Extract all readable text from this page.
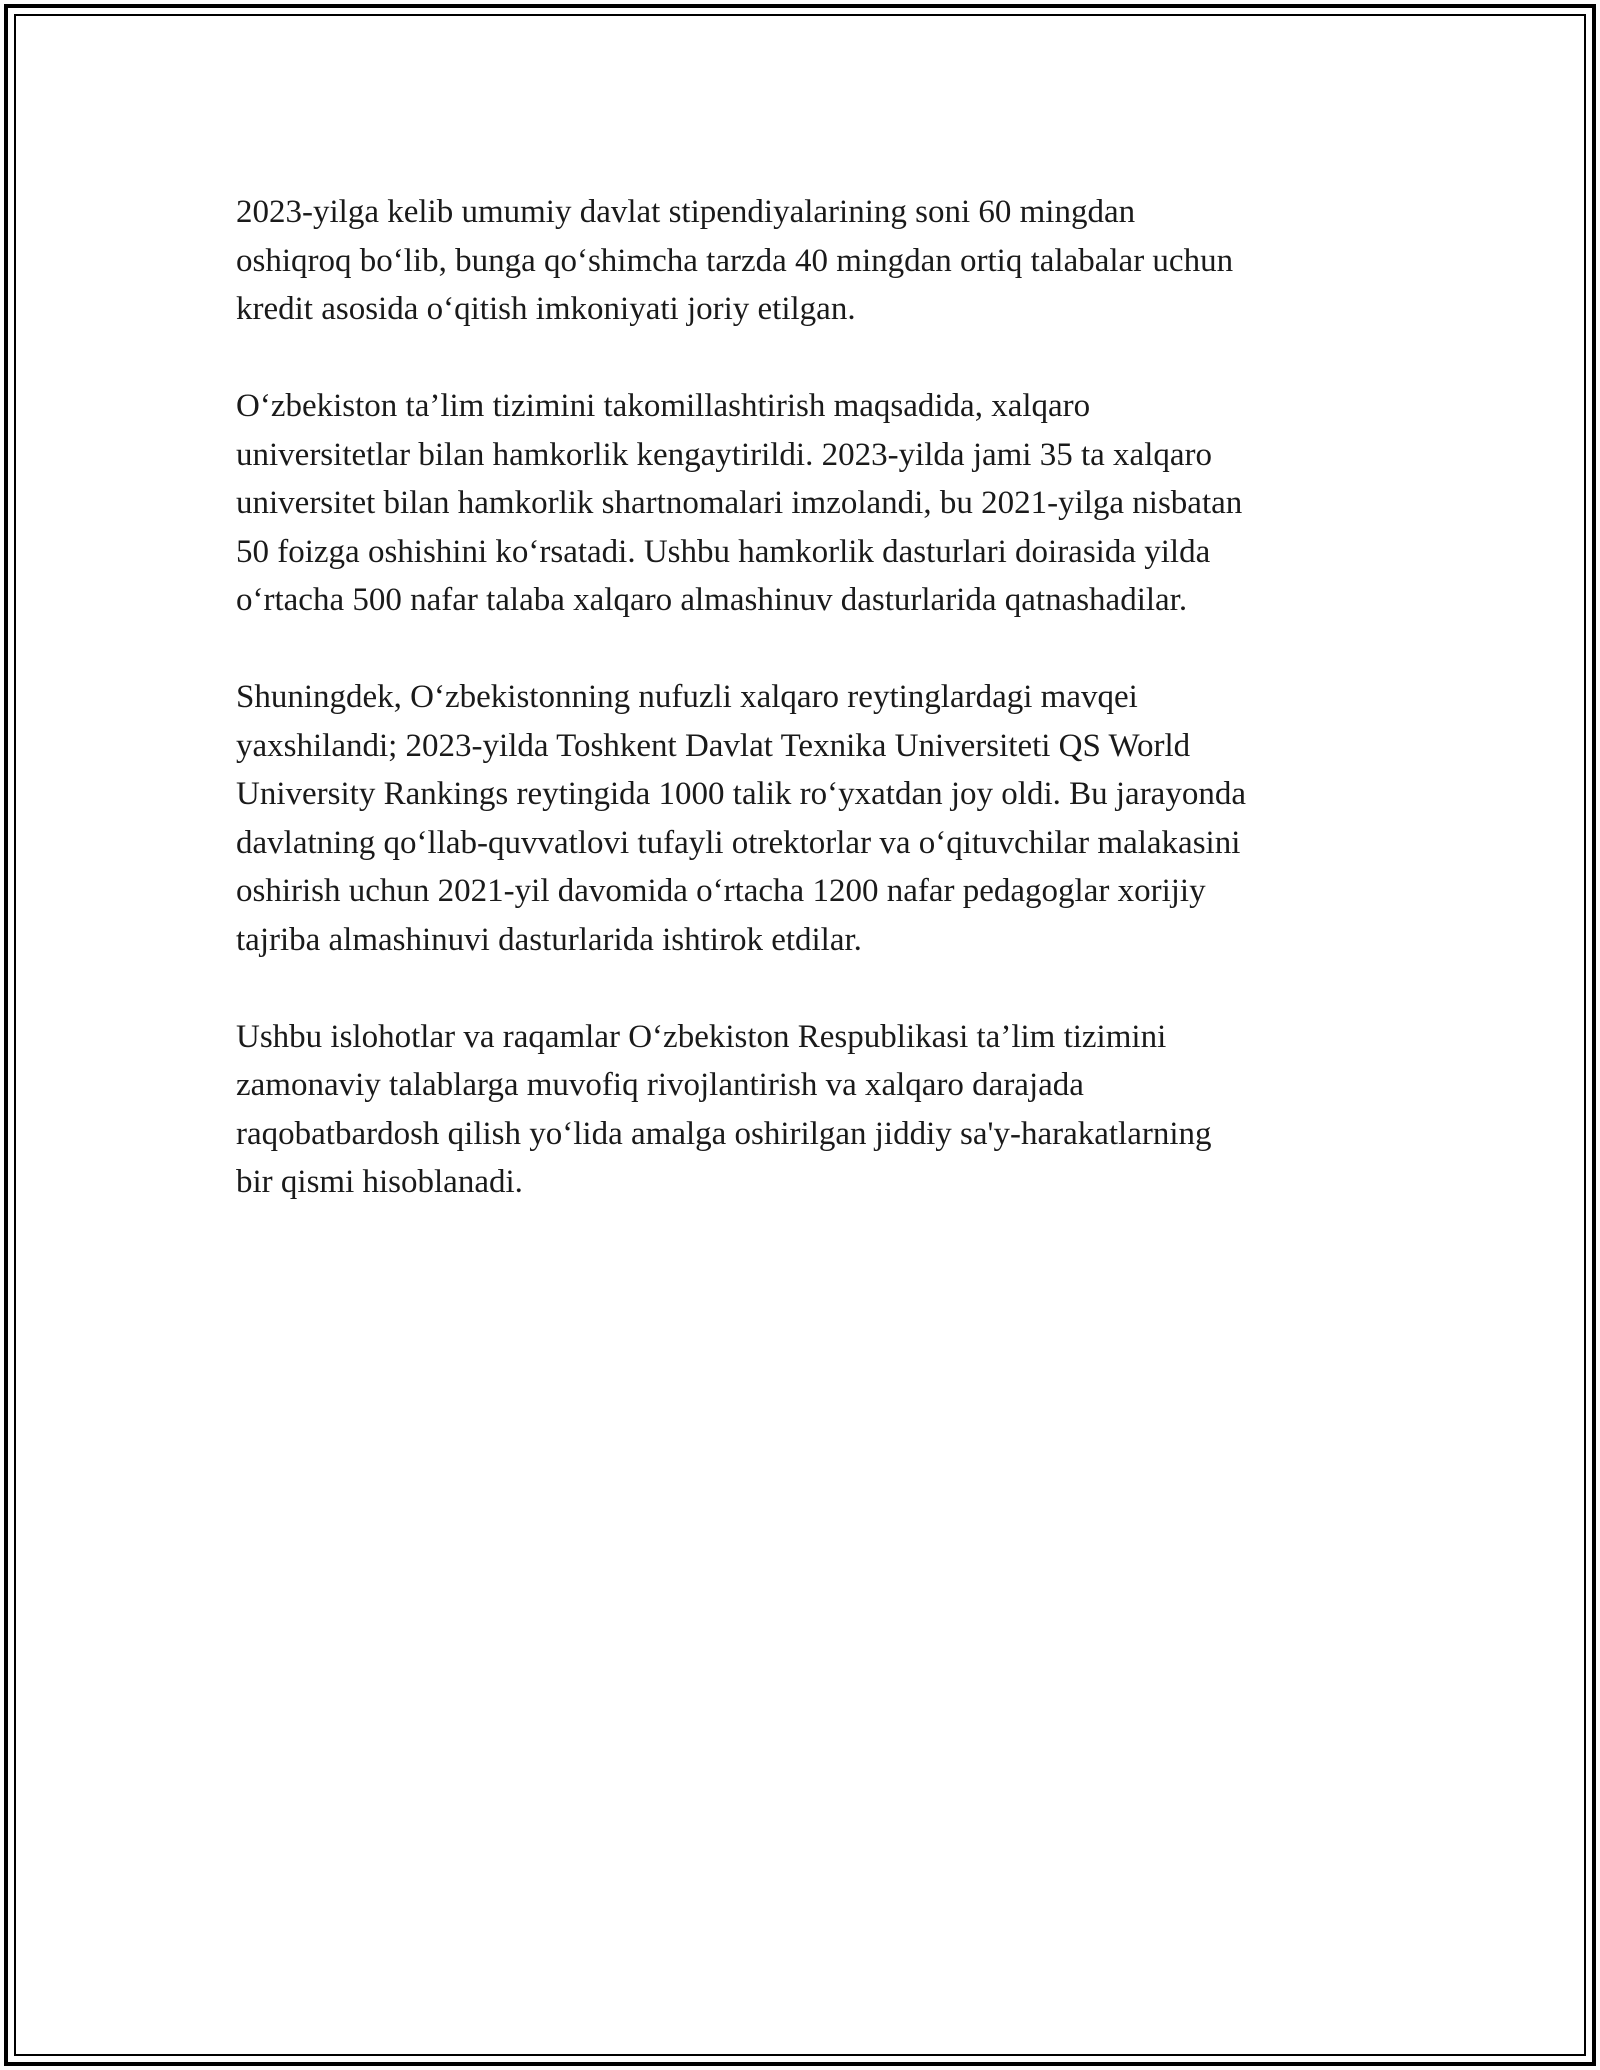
2023-yilga kelib umumiy davlat stipendiyalarining soni 60 mingdan
oshiqroq bo‘lib, bunga qo‘shimcha tarzda 40 mingdan ortiq talabalar uchun
kredit asosida o‘qitish imkoniyati joriy etilgan.

O‘zbekiston ta’lim tizimini takomillashtirish maqsadida, xalqaro
universitetlar bilan hamkorlik kengaytirildi. 2023-yilda jami 35 ta xalqaro
universitet bilan hamkorlik shartnomalari imzolandi, bu 2021-yilga nisbatan
50 foizga oshishini ko‘rsatadi. Ushbu hamkorlik dasturlari doirasida yilda
o‘rtacha 500 nafar talaba xalqaro almashinuv dasturlarida qatnashadilar.

Shuningdek, O‘zbekistonning nufuzli xalqaro reytinglardagi mavqei
yaxshilandi; 2023-yilda Toshkent Davlat Texnika Universiteti QS World
University Rankings reytingida 1000 talik ro‘yxatdan joy oldi. Bu jarayonda
davlatning qo‘llab-quvvatlovi tufayli otrektorlar va o‘qituvchilar malakasini
oshirish uchun 2021-yil davomida o‘rtacha 1200 nafar pedagoglar xorijiy
tajriba almashinuvi dasturlarida ishtirok etdilar.

Ushbu islohotlar va raqamlar O‘zbekiston Respublikasi ta’lim tizimini
zamonaviy talablarga muvofiq rivojlantirish va xalqaro darajada
raqobatbardosh qilish yo‘lida amalga oshirilgan jiddiy sa'y-harakatlarning
bir qismi hisoblanadi.
